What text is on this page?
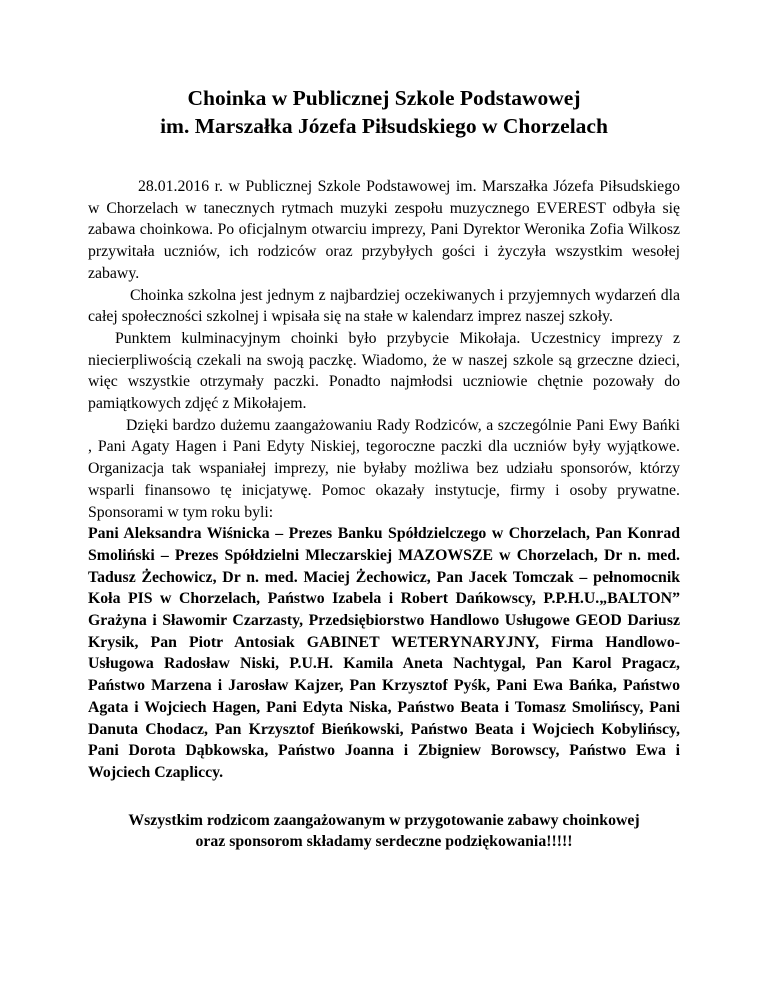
Choinka w Publicznej Szkole Podstawowej
im. Marszałka Józefa Piłsudskiego w Chorzelach

28.01.2016 r. w Publicznej Szkole Podstawowej im. Marszałka Józefa Piłsudskiego w Chorzelach w tanecznych rytmach muzyki zespołu muzycznego EVEREST odbyła się zabawa choinkowa. Po oficjalnym otwarciu imprezy, Pani Dyrektor Weronika Zofia Wilkosz przywitała uczniów, ich rodziców oraz przybyłych gości i życzyła wszystkim wesołej zabawy.

Choinka szkolna jest jednym z najbardziej oczekiwanych i przyjemnych wydarzeń dla całej społeczności szkolnej i wpisała się na stałe w kalendarz imprez naszej szkoły.

Punktem kulminacyjnym choinki było przybycie Mikołaja. Uczestnicy imprezy z niecierpliwością czekali na swoją paczkę. Wiadomo, że w naszej szkole są grzeczne dzieci, więc wszystkie otrzymały paczki. Ponadto najmłodsi uczniowie chętnie pozowały do pamiątkowych zdjęć z Mikołajem.

Dzięki bardzo dużemu zaangażowaniu Rady Rodziców, a szczególnie Pani Ewy Bańki , Pani Agaty Hagen i Pani Edyty Niskiej, tegoroczne paczki dla uczniów były wyjątkowe. Organizacja tak wspaniałej imprezy, nie byłaby możliwa bez udziału sponsorów, którzy wsparli finansowo tę inicjatywę. Pomoc okazały instytucje, firmy i osoby prywatne. Sponsorami w tym roku byli:

Pani Aleksandra Wiśnicka – Prezes Banku Spółdzielczego w Chorzelach, Pan Konrad Smoliński – Prezes Spółdzielni Mleczarskiej MAZOWSZE w Chorzelach, Dr n. med. Tadusz Żechowicz, Dr n. med. Maciej Żechowicz, Pan Jacek Tomczak – pełnomocnik Koła PIS w Chorzelach, Państwo Izabela i Robert Dańkowscy, P.P.H.U.„BALTON” Grażyna i Sławomir Czarzasty, Przedsiębiorstwo Handlowo Usługowe GEOD Dariusz Krysik, Pan Piotr Antosiak GABINET WETERYNARYJNY, Firma Handlowo-Usługowa Radosław Niski, P.U.H. Kamila Aneta Nachtygal, Pan Karol Pragacz, Państwo Marzena i Jarosław Kajzer, Pan Krzysztof Pyśk, Pani Ewa Bańka, Państwo Agata i Wojciech Hagen, Pani Edyta Niska, Państwo Beata i Tomasz Smolińscy, Pani Danuta Chodacz, Pan Krzysztof Bieńkowski, Państwo Beata i Wojciech Kobylińscy, Pani Dorota Dąbkowska, Państwo Joanna i Zbigniew Borowscy, Państwo Ewa i Wojciech Czapliccy.

Wszystkim rodzicom zaangażowanym w przygotowanie zabawy choinkowej
oraz sponsorom składamy serdeczne podziękowania!!!!!
